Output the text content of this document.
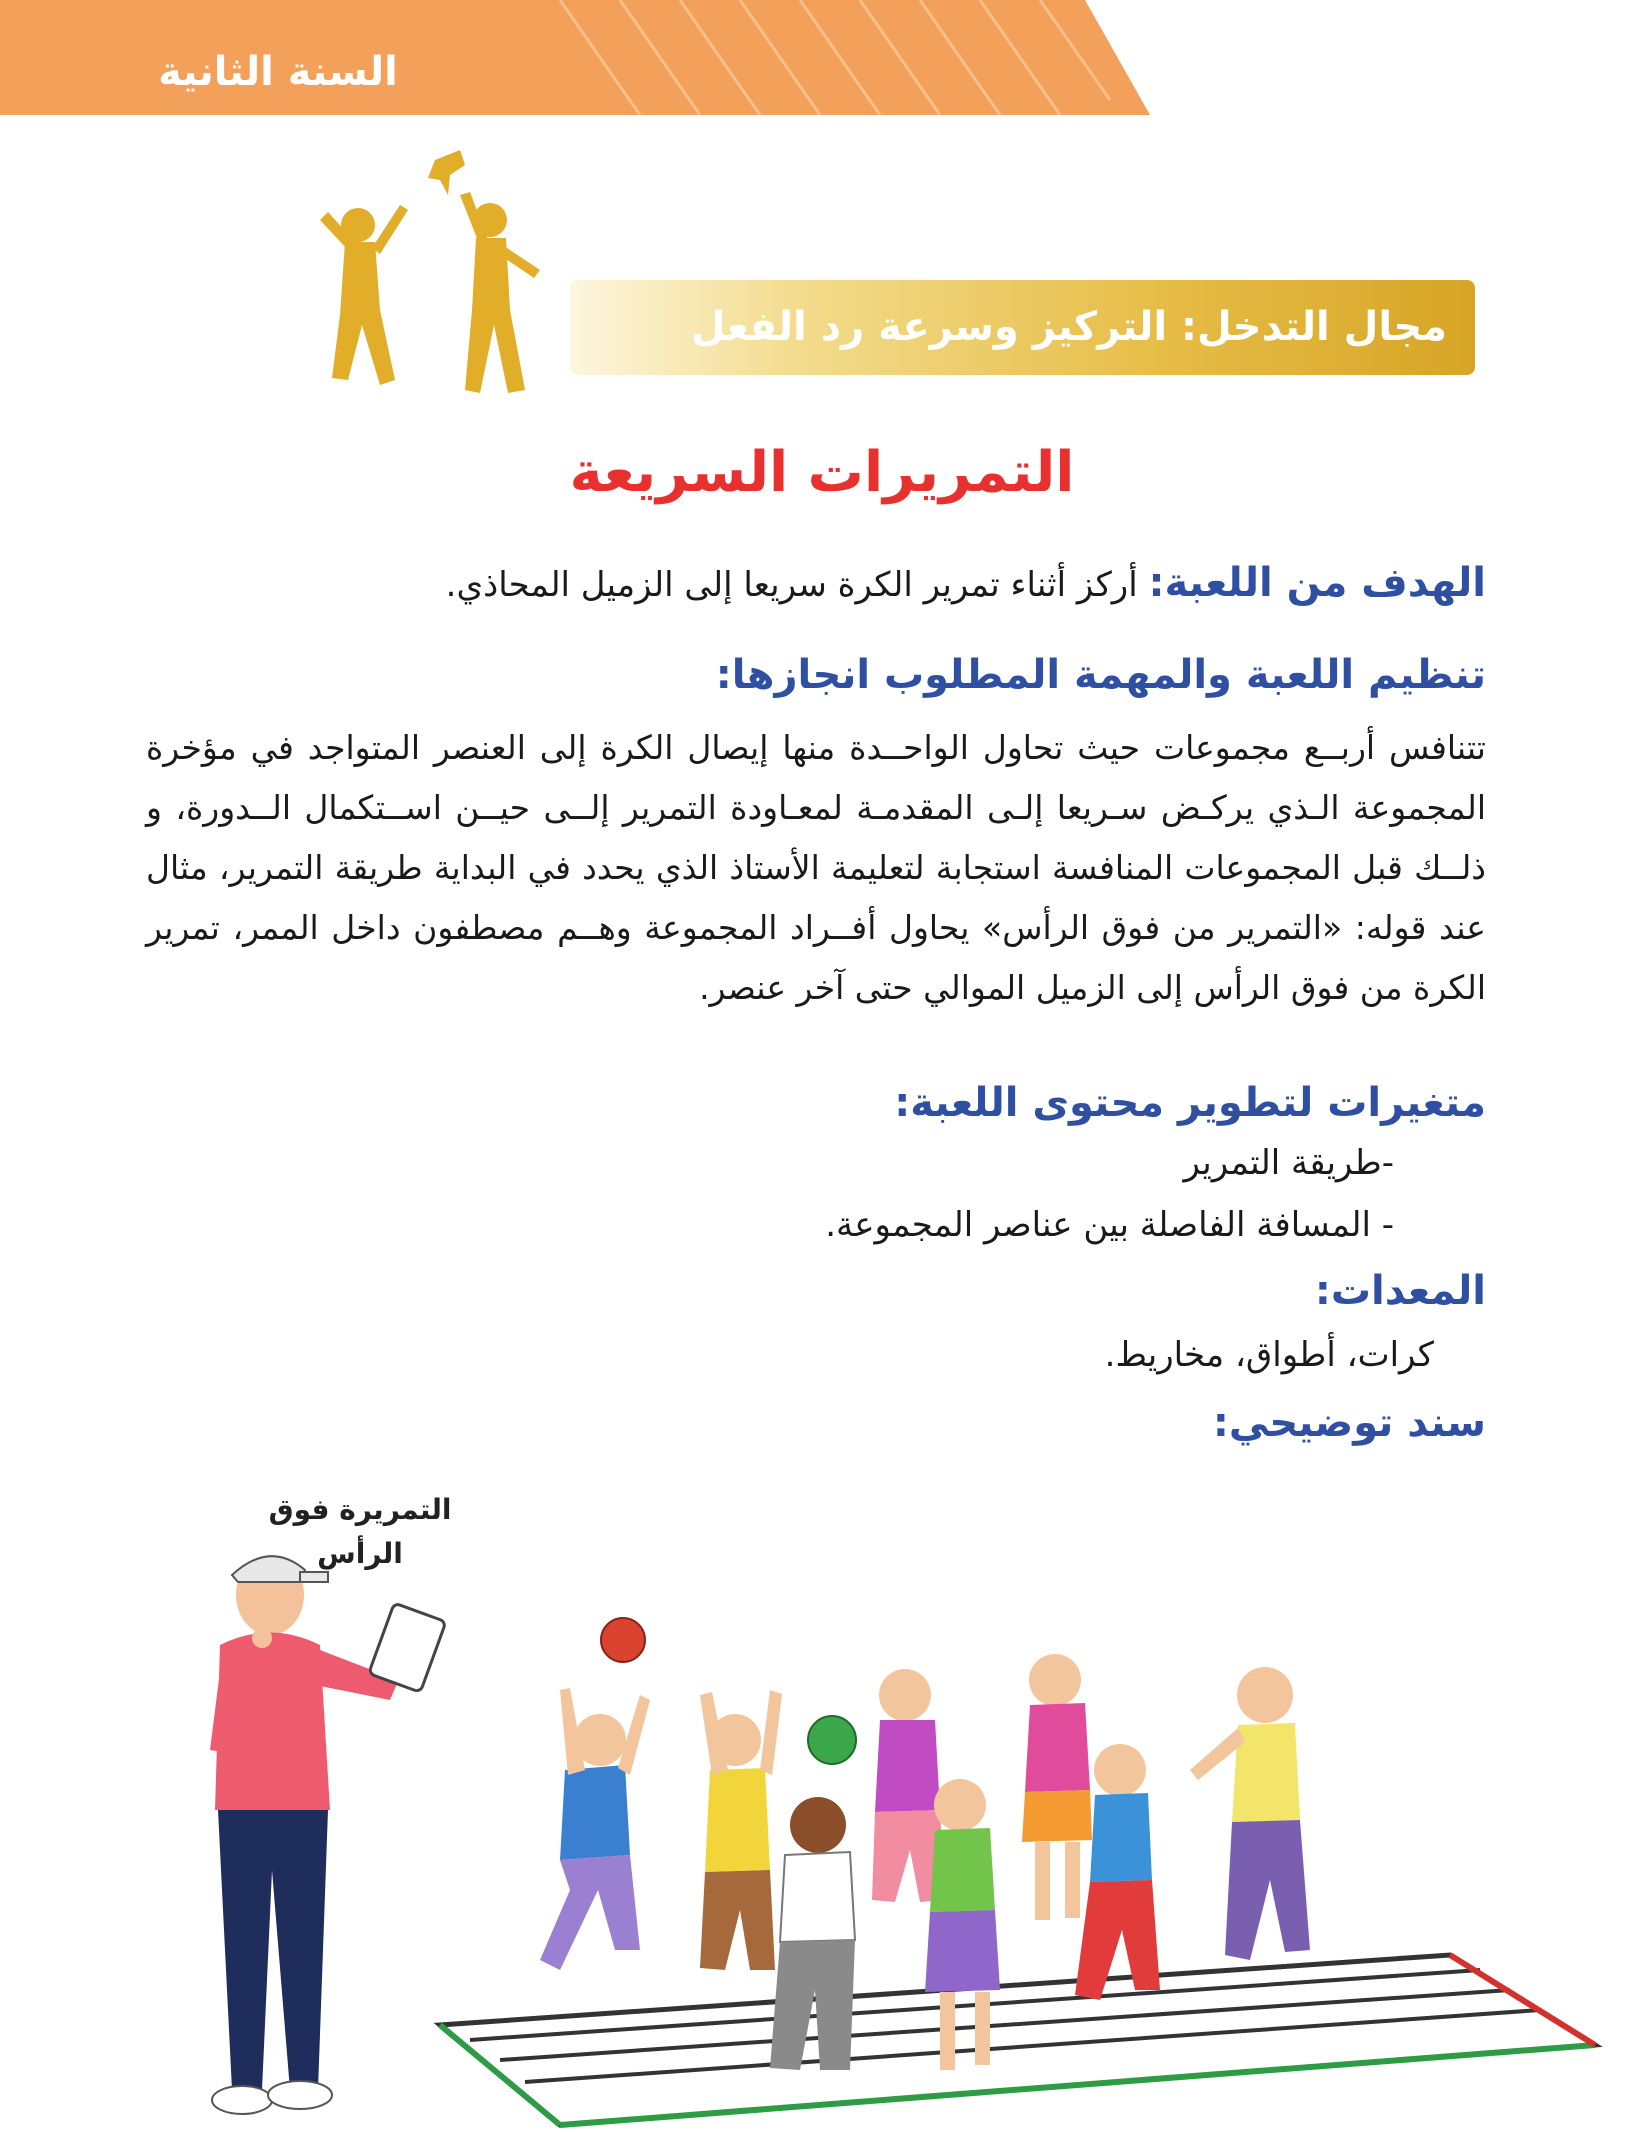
السنة الثانية
مجال التدخل: التركيز وسرعة رد الفعل
التمريرات السريعة
الهدف من اللعبة: أركز أثناء تمرير الكرة سريعا إلى الزميل المحاذي.
تنظيم اللعبة والمهمة المطلوب انجازها:
تتنافس أربــع مجموعات حيث تحاول الواحــدة منها إيصال الكرة إلى العنصر المتواجد في مؤخرة المجموعة الـذي يركـض سـريعا إلـى المقدمـة لمعـاودة التمرير إلــى حيــن اســتكمال الــدورة، و ذلــك قبل المجموعات المنافسة استجابة لتعليمة الأستاذ الذي يحدد في البداية طريقة التمرير، مثال عند قوله: «التمرير من فوق الرأس» يحاول أفــراد المجموعة وهــم مصطفون داخل الممر، تمرير الكرة من فوق الرأس إلى الزميل الموالي حتى آخر عنصر.
متغيرات لتطوير محتوى اللعبة:
-طريقة التمرير
- المسافة الفاصلة بين عناصر المجموعة.
المعدات:
كرات، أطواق، مخاريط.
سند توضيحي:
التمريرة فوق
الرأس
